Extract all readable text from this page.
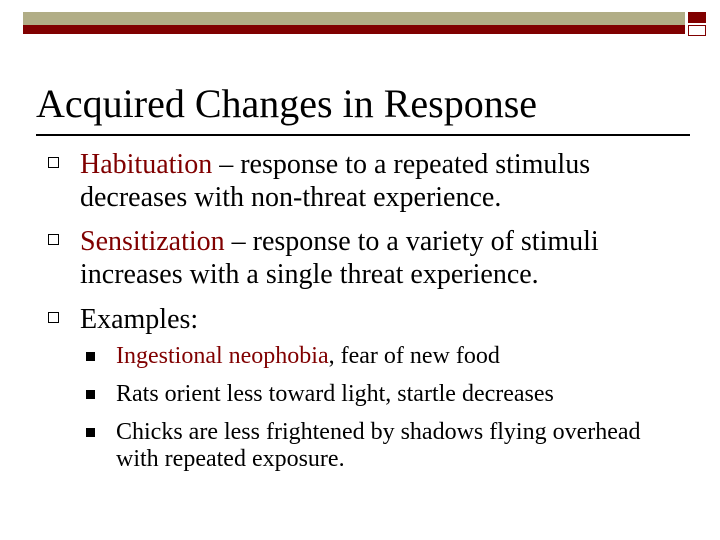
Acquired Changes in Response
Habituation – response to a repeated stimulus decreases with non-threat experience.
Sensitization – response to a variety of stimuli increases with a single threat experience.
Examples:
Ingestional neophobia, fear of new food
Rats orient less toward light, startle decreases
Chicks are less frightened by shadows flying overhead with repeated exposure.
